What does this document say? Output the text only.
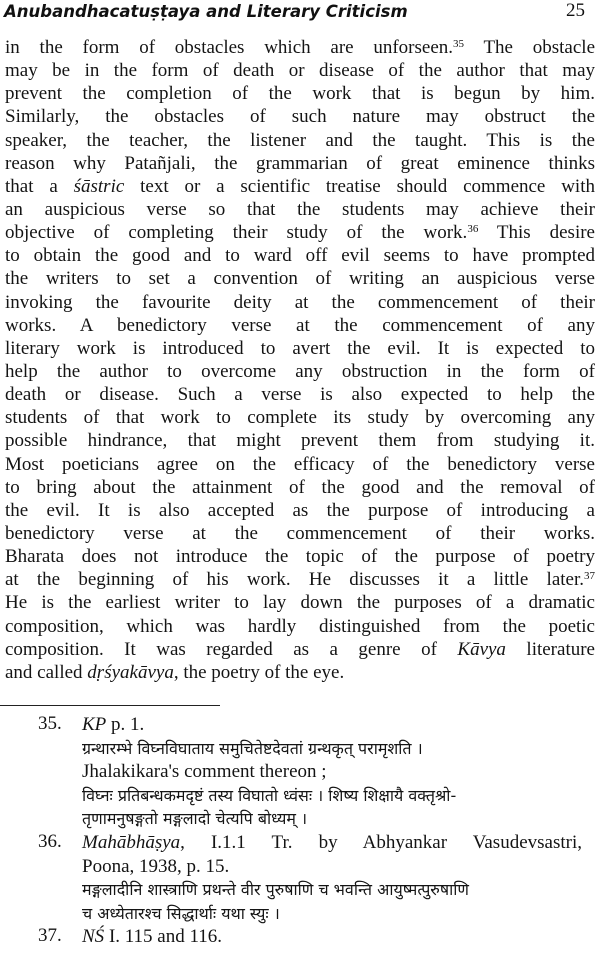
Anubandhacatuṣṭaya and Literary Criticism	25
in the form of obstacles which are unforseen.$^{35}$ The obstacle
may be in the form of death or disease of the author that may
prevent the completion of the work that is begun by him.
Similarly, the obstacles of such nature may obstruct the
speaker, the teacher, the listener and the taught. This is the
reason why Patañjali, the grammarian of great eminence thinks
that a śāstric text or a scientific treatise should commence with
an auspicious verse so that the students may achieve their
objective of completing their study of the work.$^{36}$ This desire
to obtain the good and to ward off evil seems to have prompted
the writers to set a convention of writing an auspicious verse
invoking the favourite deity at the commencement of their
works. A benedictory verse at the commencement of any
literary work is introduced to avert the evil. It is expected to
help the author to overcome any obstruction in the form of
death or disease. Such a verse is also expected to help the
students of that work to complete its study by overcoming any
possible hindrance, that might prevent them from studying it.
Most poeticians agree on the efficacy of the benedictory verse
to bring about the attainment of the good and the removal of
the evil. It is also accepted as the purpose of introducing a
benedictory verse at the commencement of their works.
Bharata does not introduce the topic of the purpose of poetry
at the beginning of his work. He discusses it a little later.$^{37}$
He is the earliest writer to lay down the purposes of a dramatic
composition, which was hardly distinguished from the poetic
composition. It was regarded as a genre of Kāvya literature
and called dṛśyakāvya, the poetry of the eye.
35. KP p. 1.
ग्रन्थारम्भे विघ्नविघाताय समुचितेष्टदेवतां ग्रन्थकृत् परामृशति ।
Jhalakikara's comment thereon ;
विघ्नः प्रतिबन्धकमदृष्टं तस्य विघातो ध्वंसः । शिष्य शिक्षायै वक्तृश्रो-
तृणामनुषङ्गतो मङ्गलादो चेत्यपि बोध्यम् ।
36. Mahābhāṣya, I.1.1 Tr. by Abhyankar Vasudevsastri,
Poona, 1938, p. 15.
मङ्गलादीनि शास्त्राणि प्रथन्ते वीर पुरुषाणि च भवन्ति आयुष्मत्पुरुषाणि
च अध्येतारश्च सिद्धार्थाः यथा स्युः ।
37. NŚ I. 115 and 116.
